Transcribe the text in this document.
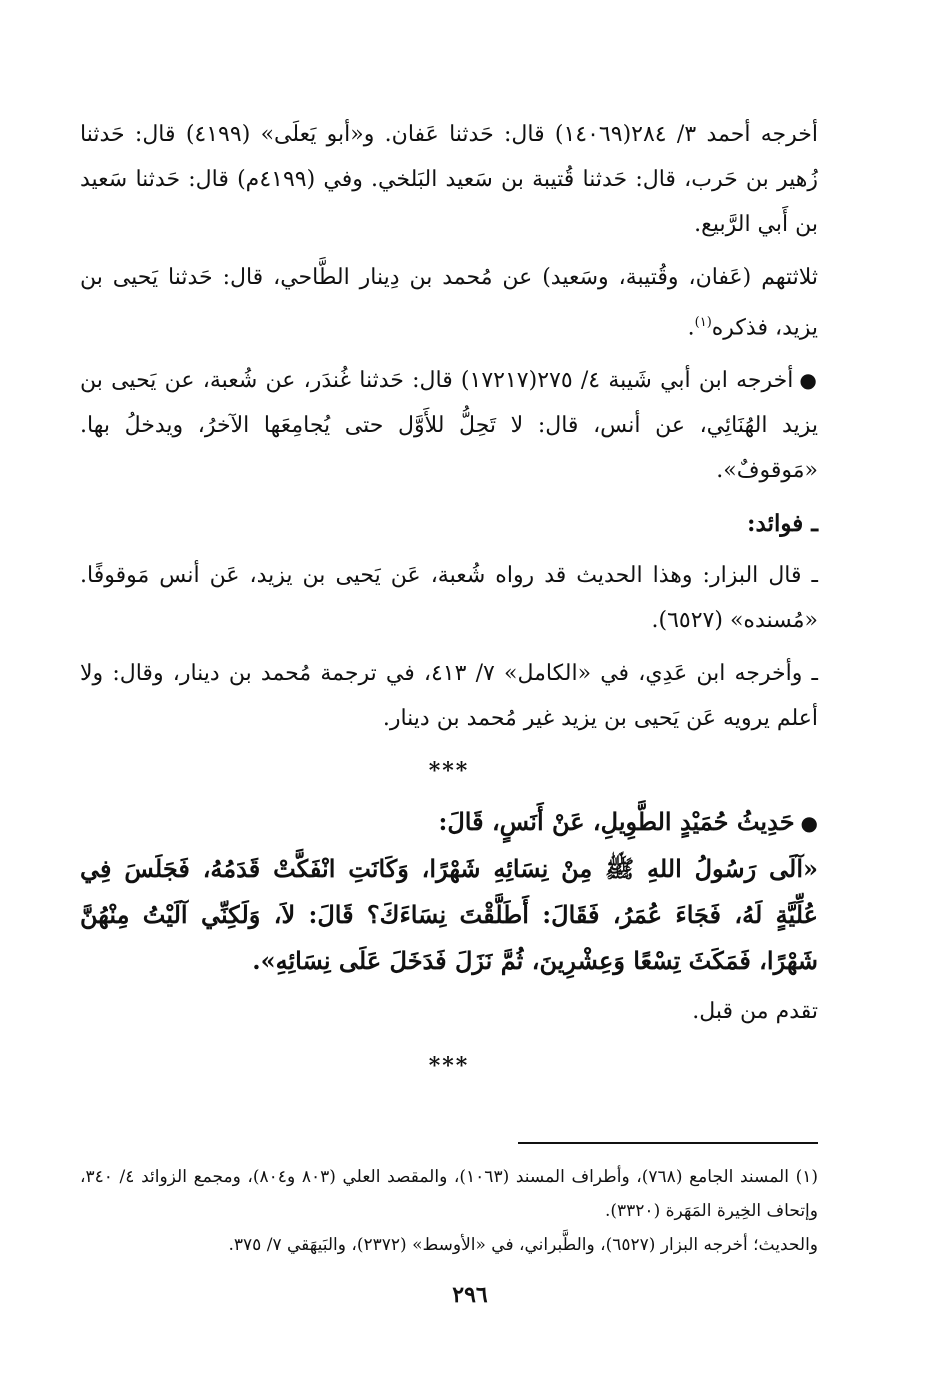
أخرجه أحمد ٣/ ٢٨٤(١٤٠٦٩) قال: حَدثنا عَفان. و«أبو يَعلَى» (٤١٩٩) قال: حَدثنا زُهير بن حَرب، قال: حَدثنا قُتيبة بن سَعيد البَلخي. وفي (٤١٩٩م) قال: حَدثنا سَعيد بن أَبي الرَّبيع.

ثلاثتهم (عَفان، وقُتيبة، وسَعيد) عن مُحمد بن دِينار الطَّاحي، قال: حَدثنا يَحيى بن يزيد، فذكره$^{(١)}$.

●أخرجه ابن أبي شَيبة ٤/ ٢٧٥(١٧٢١٧) قال: حَدثنا غُندَر، عن شُعبة، عن يَحيى بن يزيد الهُنَائِي، عن أنس، قال: لا تَحِلُّ للأَوَّل حتى يُجامِعَها الآخرُ، ويدخلُ بها. «مَوقوفٌ».

ـ فوائد:

ـ قال البزار: وهذا الحديث قد رواه شُعبة، عَن يَحيى بن يزيد، عَن أنس مَوقوفًا. «مُسنده» (٦٥٢٧).

ـ وأخرجه ابن عَدِي، في «الكامل» ٧/ ٤١٣، في ترجمة مُحمد بن دينار، وقال: ولا أعلم يرويه عَن يَحيى بن يزيد غير مُحمد بن دينار.

***

●حَدِيثُ حُمَيْدٍ الطَّوِيلِ، عَنْ أَنَسٍ، قَالَ:

«آلَى رَسُولُ اللهِ ﷺ مِنْ نِسَائِهِ شَهْرًا، وَكَانَتِ انْفَكَّتْ قَدَمُهُ، فَجَلَسَ فِي عُلِّيَّةٍ لَهُ، فَجَاءَ عُمَرُ، فَقَالَ: أَطَلَّقْتَ نِسَاءَكَ؟ قَالَ: لاَ، وَلَكِنِّي آلَيْتُ مِنْهُنَّ شَهْرًا، فَمَكَثَ تِسْعًا وَعِشْرِينَ، ثُمَّ نَزَلَ فَدَخَلَ عَلَى نِسَائِهِ».

تقدم من قبل.

***

(١) المسند الجامع (٧٦٨)، وأطراف المسند (١٠٦٣)، والمقصد العلي (٨٠٣ و٨٠٤)، ومجمع الزوائد ٤/ ٣٤٠، وإتحاف الخِيرة المَهَرة (٣٣٢٠).

والحديث؛ أخرجه البزار (٦٥٢٧)، والطَّبراني، في «الأوسط» (٢٣٧٢)، والبَيهَقي ٧/ ٣٧٥.

٢٩٦
